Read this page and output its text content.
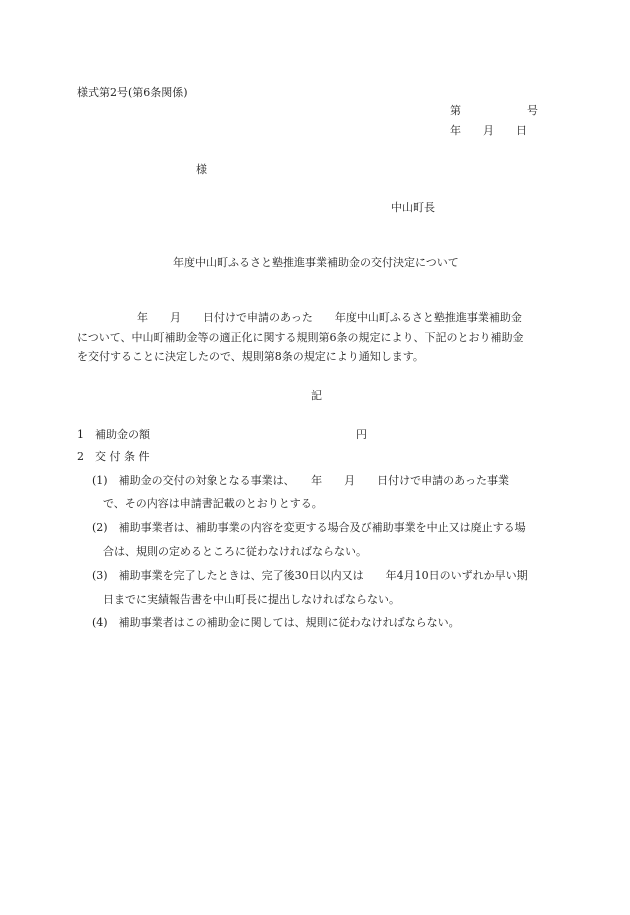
様式第2号(第6条関係)
第　　　　　　号
年　　月　　日
様
中山町長
年度中山町ふるさと塾推進事業補助金の交付決定について
年　　月　　日付けで申請のあった　　年度中山町ふるさと塾推進事業補助金
について、中山町補助金等の適正化に関する規則第6条の規定により、下記のとおり補助金
を交付することに決定したので、規則第8条の規定により通知します。
記
1　補助金の額	円
2　交 付 条 件
(1)　補助金の交付の対象となる事業は、　　年　　月　　日付けで申請のあった事業
で、その内容は申請書記載のとおりとする。
(2)　補助事業者は、補助事業の内容を変更する場合及び補助事業を中止又は廃止する場
合は、規則の定めるところに従わなければならない。
(3)　補助事業を完了したときは、完了後30日以内又は　　年4月10日のいずれか早い期
日までに実績報告書を中山町長に提出しなければならない。
(4)　補助事業者はこの補助金に関しては、規則に従わなければならない。
